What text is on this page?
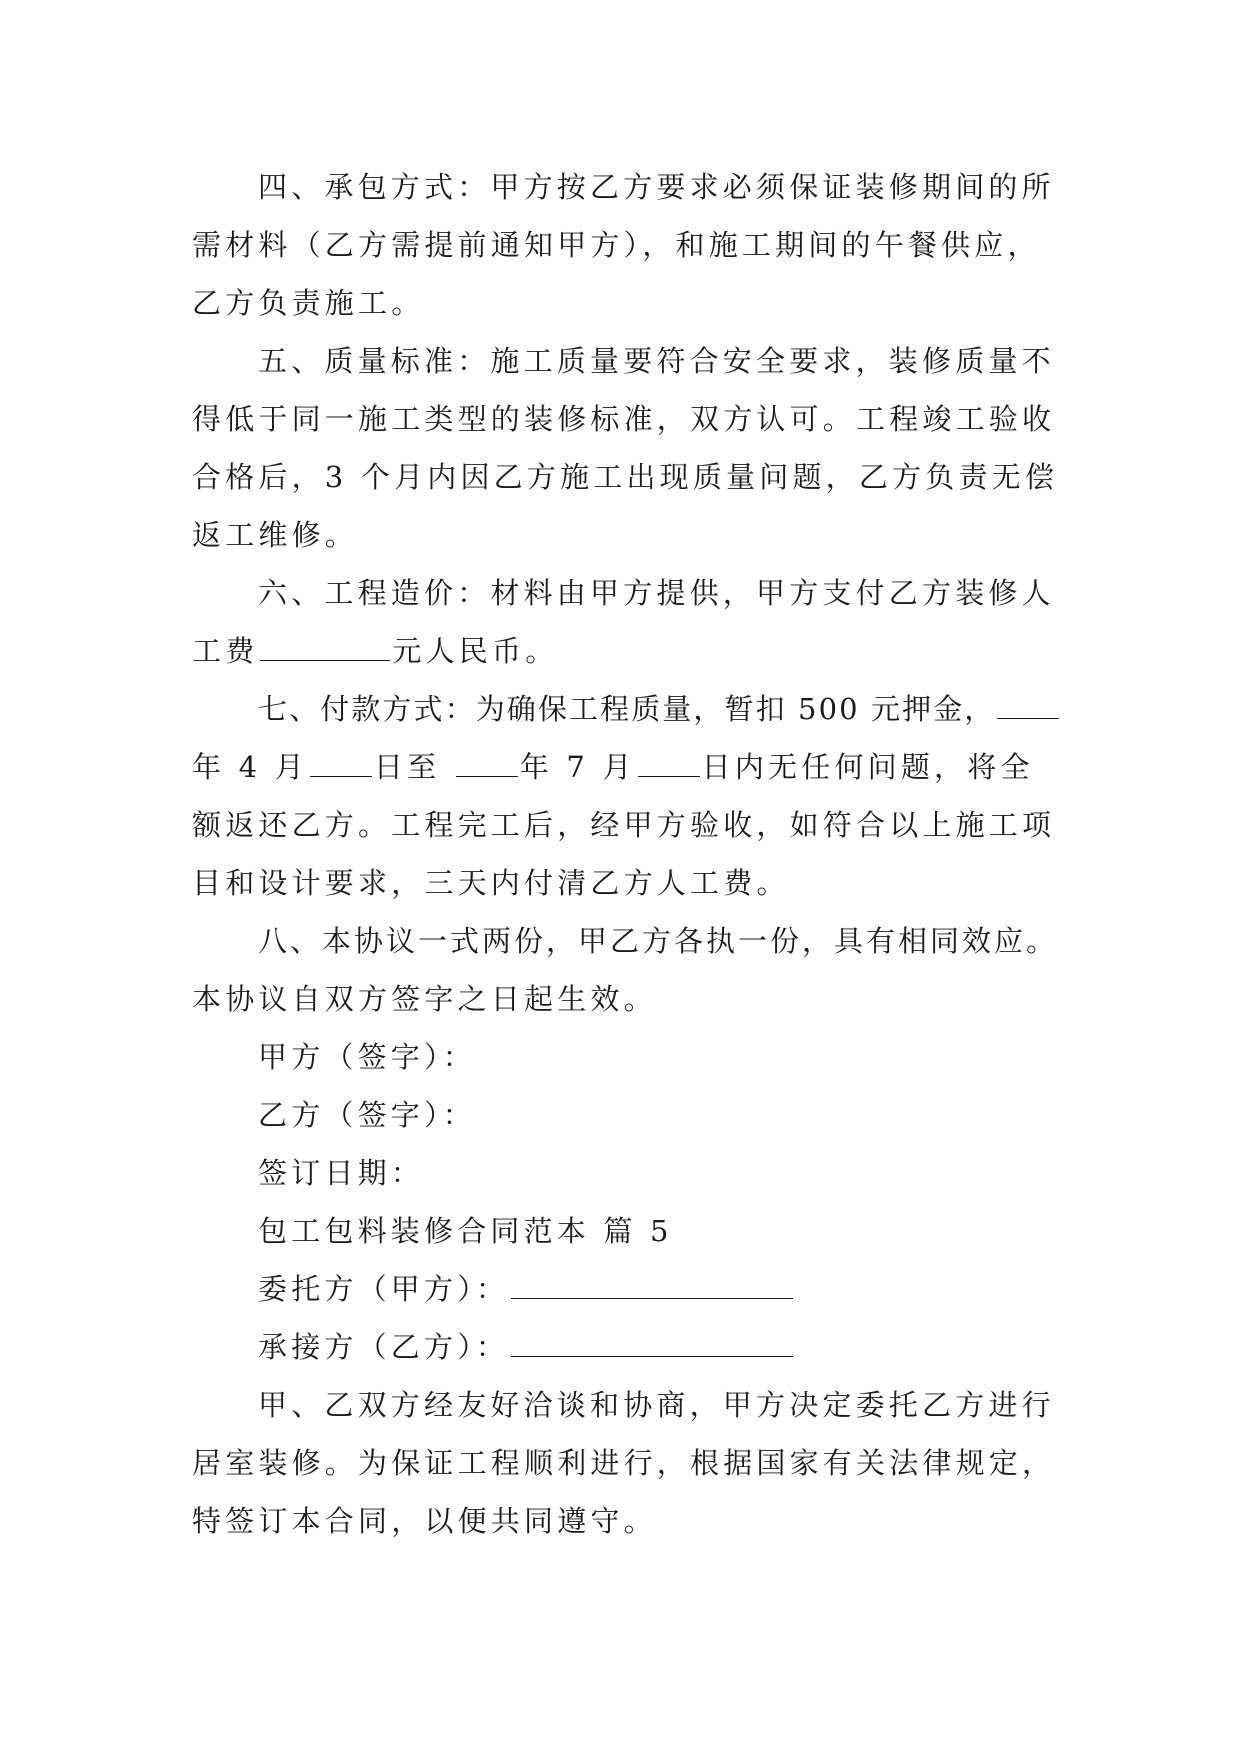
四、承包方式：甲方按乙方要求必须保证装修期间的所
需材料（乙方需提前通知甲方），和施工期间的午餐供应，
乙方负责施工。
五、质量标准：施工质量要符合安全要求，装修质量不
得低于同一施工类型的装修标准，双方认可。工程竣工验收
合格后，3 个月内因乙方施工出现质量问题，乙方负责无偿
返工维修。
六、工程造价：材料由甲方提供，甲方支付乙方装修人
工费	元人民币。
七、付款方式：为确保工程质量，暂扣 500 元押金，
年 4 月 日至	年 7 月 日内无任何问题，将全
额返还乙方。工程完工后，经甲方验收，如符合以上施工项
目和设计要求，三天内付清乙方人工费。
八、本协议一式两份，甲乙方各执一份，具有相同效应。
本协议自双方签字之日起生效。
甲方（签字）：
乙方（签字）：
签订日期：
包工包料装修合同范本 篇 5
委托方（甲方）：
承接方（乙方）：
甲、乙双方经友好洽谈和协商，甲方决定委托乙方进行
居室装修。为保证工程顺利进行，根据国家有关法律规定，
特签订本合同，以便共同遵守。
